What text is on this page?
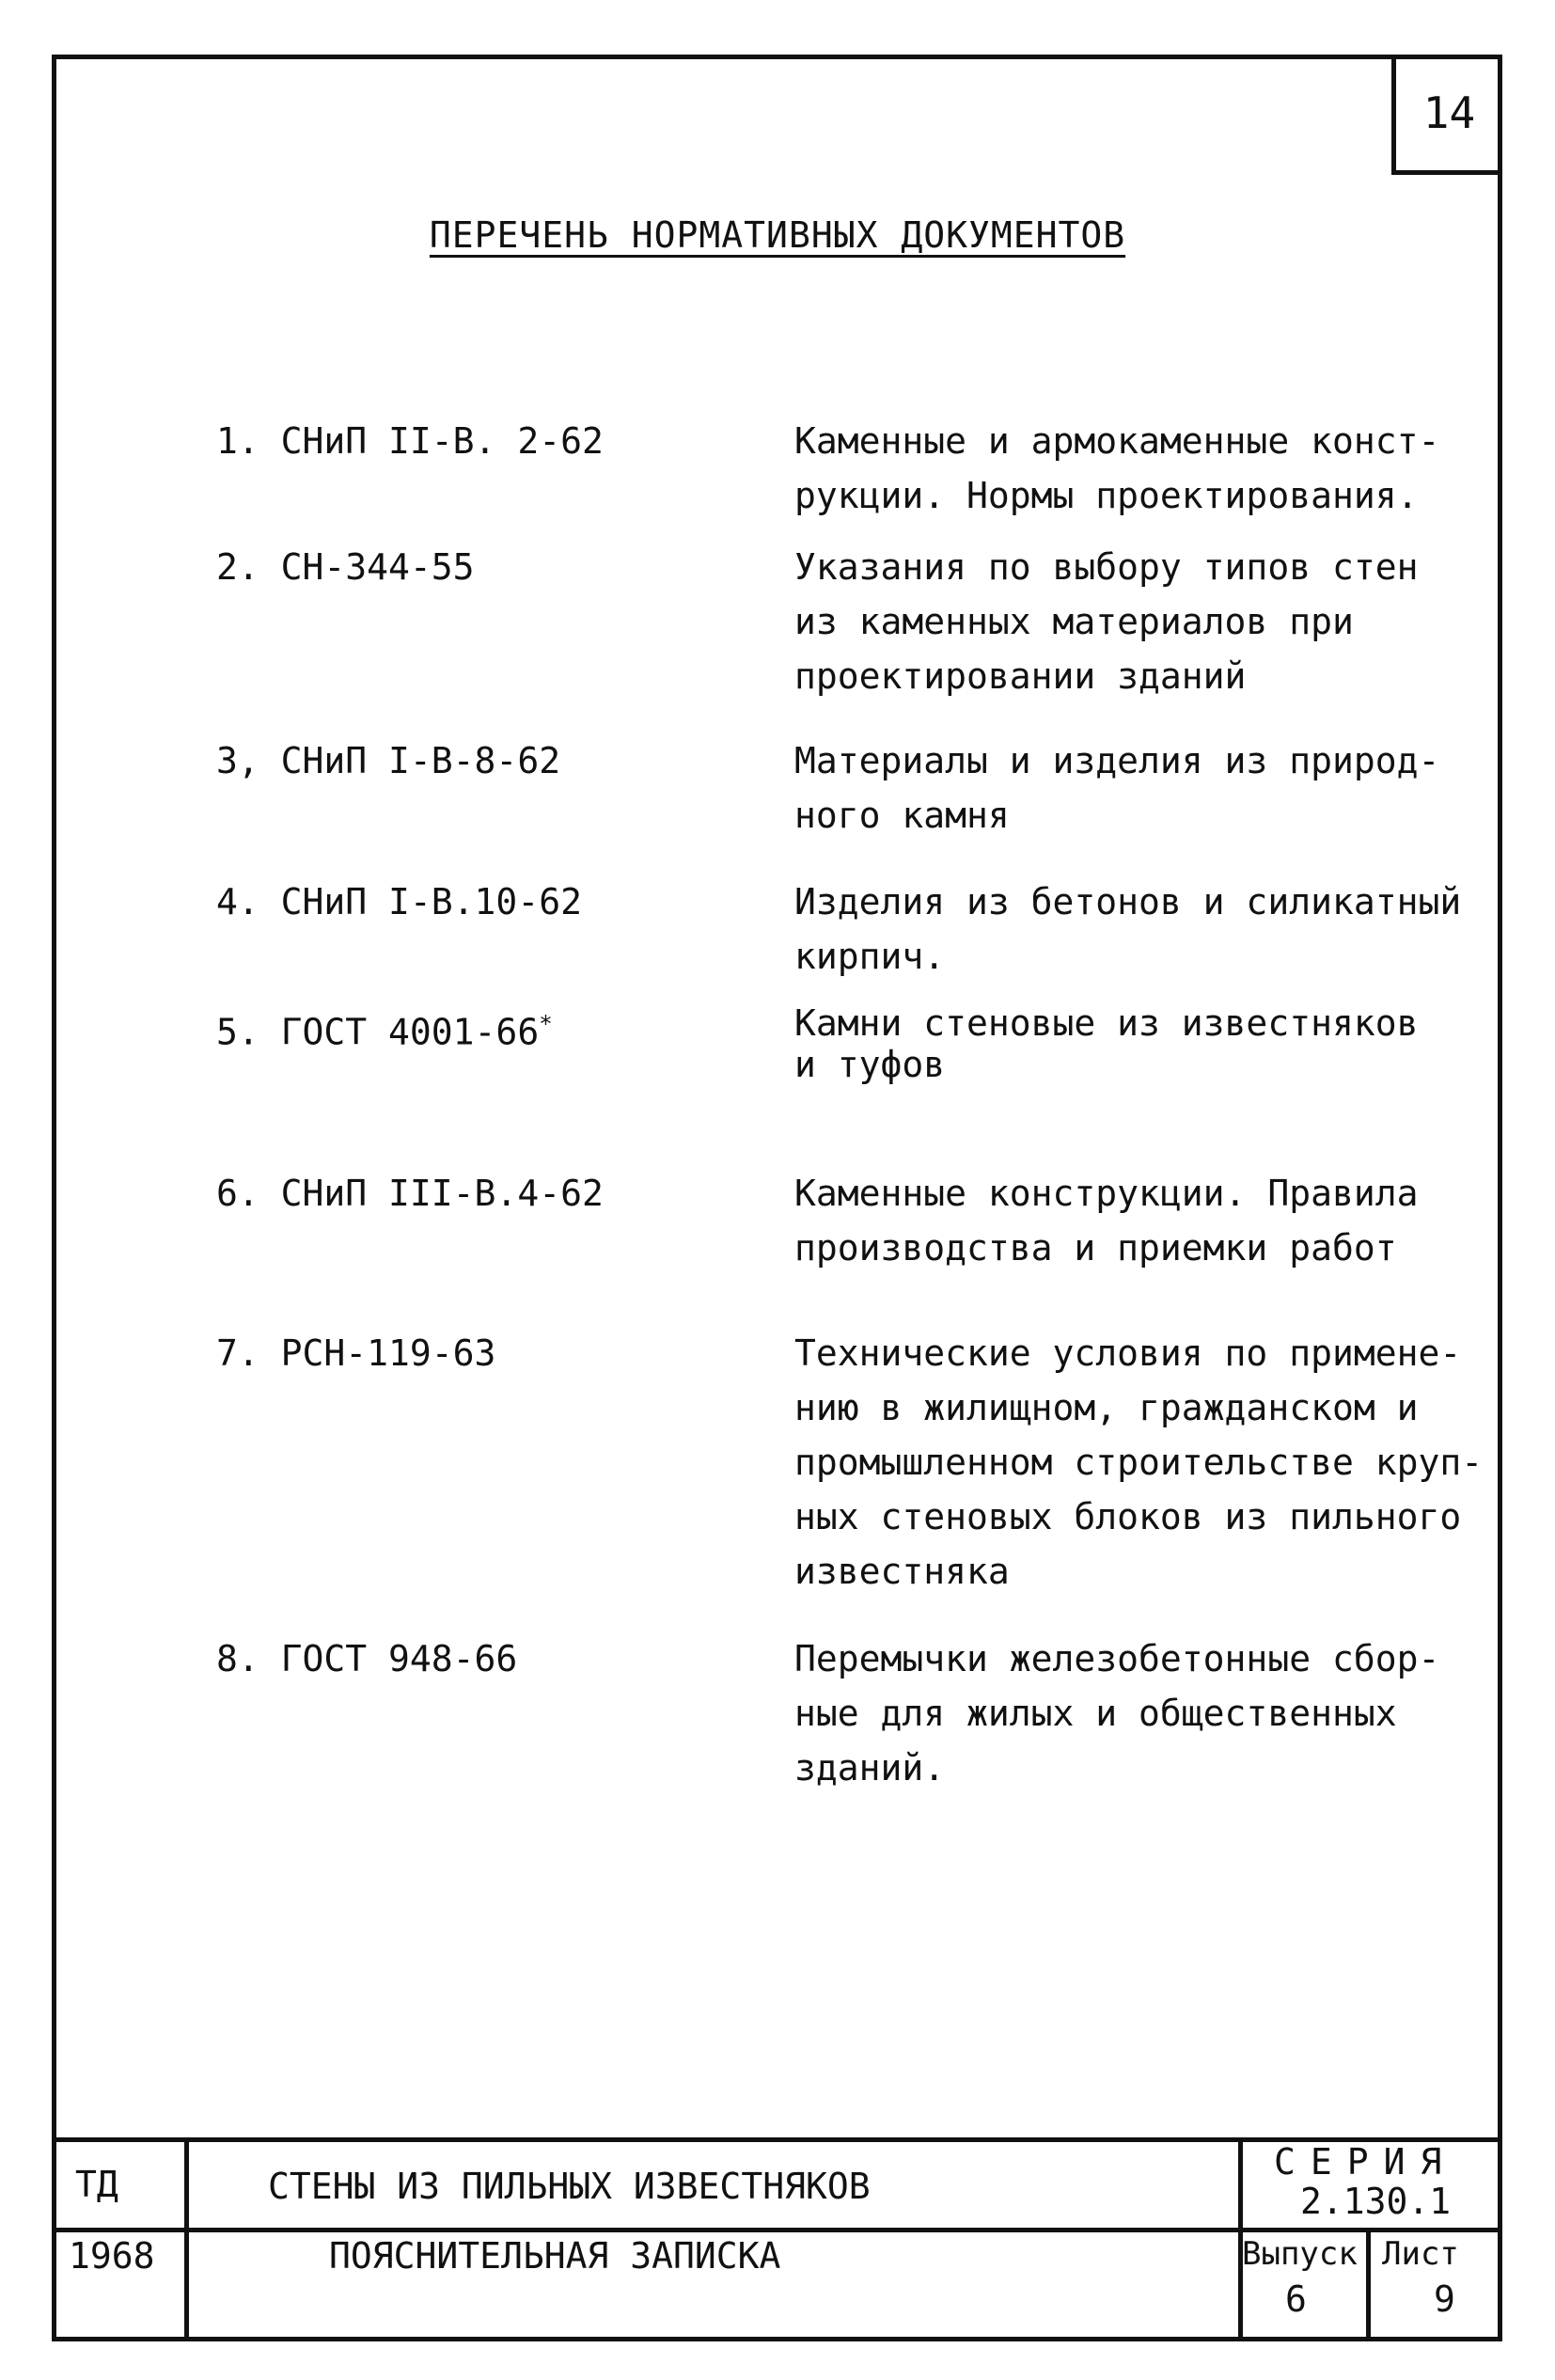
14
ПЕРЕЧЕНЬ НОРМАТИВНЫХ ДОКУМЕНТОВ
1. СНиП II-В. 2-62	Каменные и армокаменные конст-
рукции. Нормы проектирования.
2. СН-344-55	Указания по выбору типов стен
из каменных материалов при
проектировании зданий
3, СНиП I-В-8-62	Материалы и изделия из природ-
ного камня
4. СНиП I-В.10-62	Изделия из бетонов и силикатный
кирпич.
5. ГОСТ 4001-66*	Камни стеновые из известняков
и туфов
6. СНиП III-В.4-62	Каменные конструкции. Правила
производства и приемки работ
7. РСН-119-63	Технические условия по примене-
нию в жилищном, гражданском и
промышленном строительстве круп-
ных стеновых блоков из пильного
известняка
8. ГОСТ 948-66	Перемычки железобетонные сбор-
ные для жилых и общественных
зданий.
ТД
1968
СТЕНЫ ИЗ ПИЛЬНЫХ ИЗВЕСТНЯКОВ
ПОЯСНИТЕЛЬНАЯ ЗАПИСКА
СЕРИЯ
2.130.1
Выпуск
6
Лист
9
